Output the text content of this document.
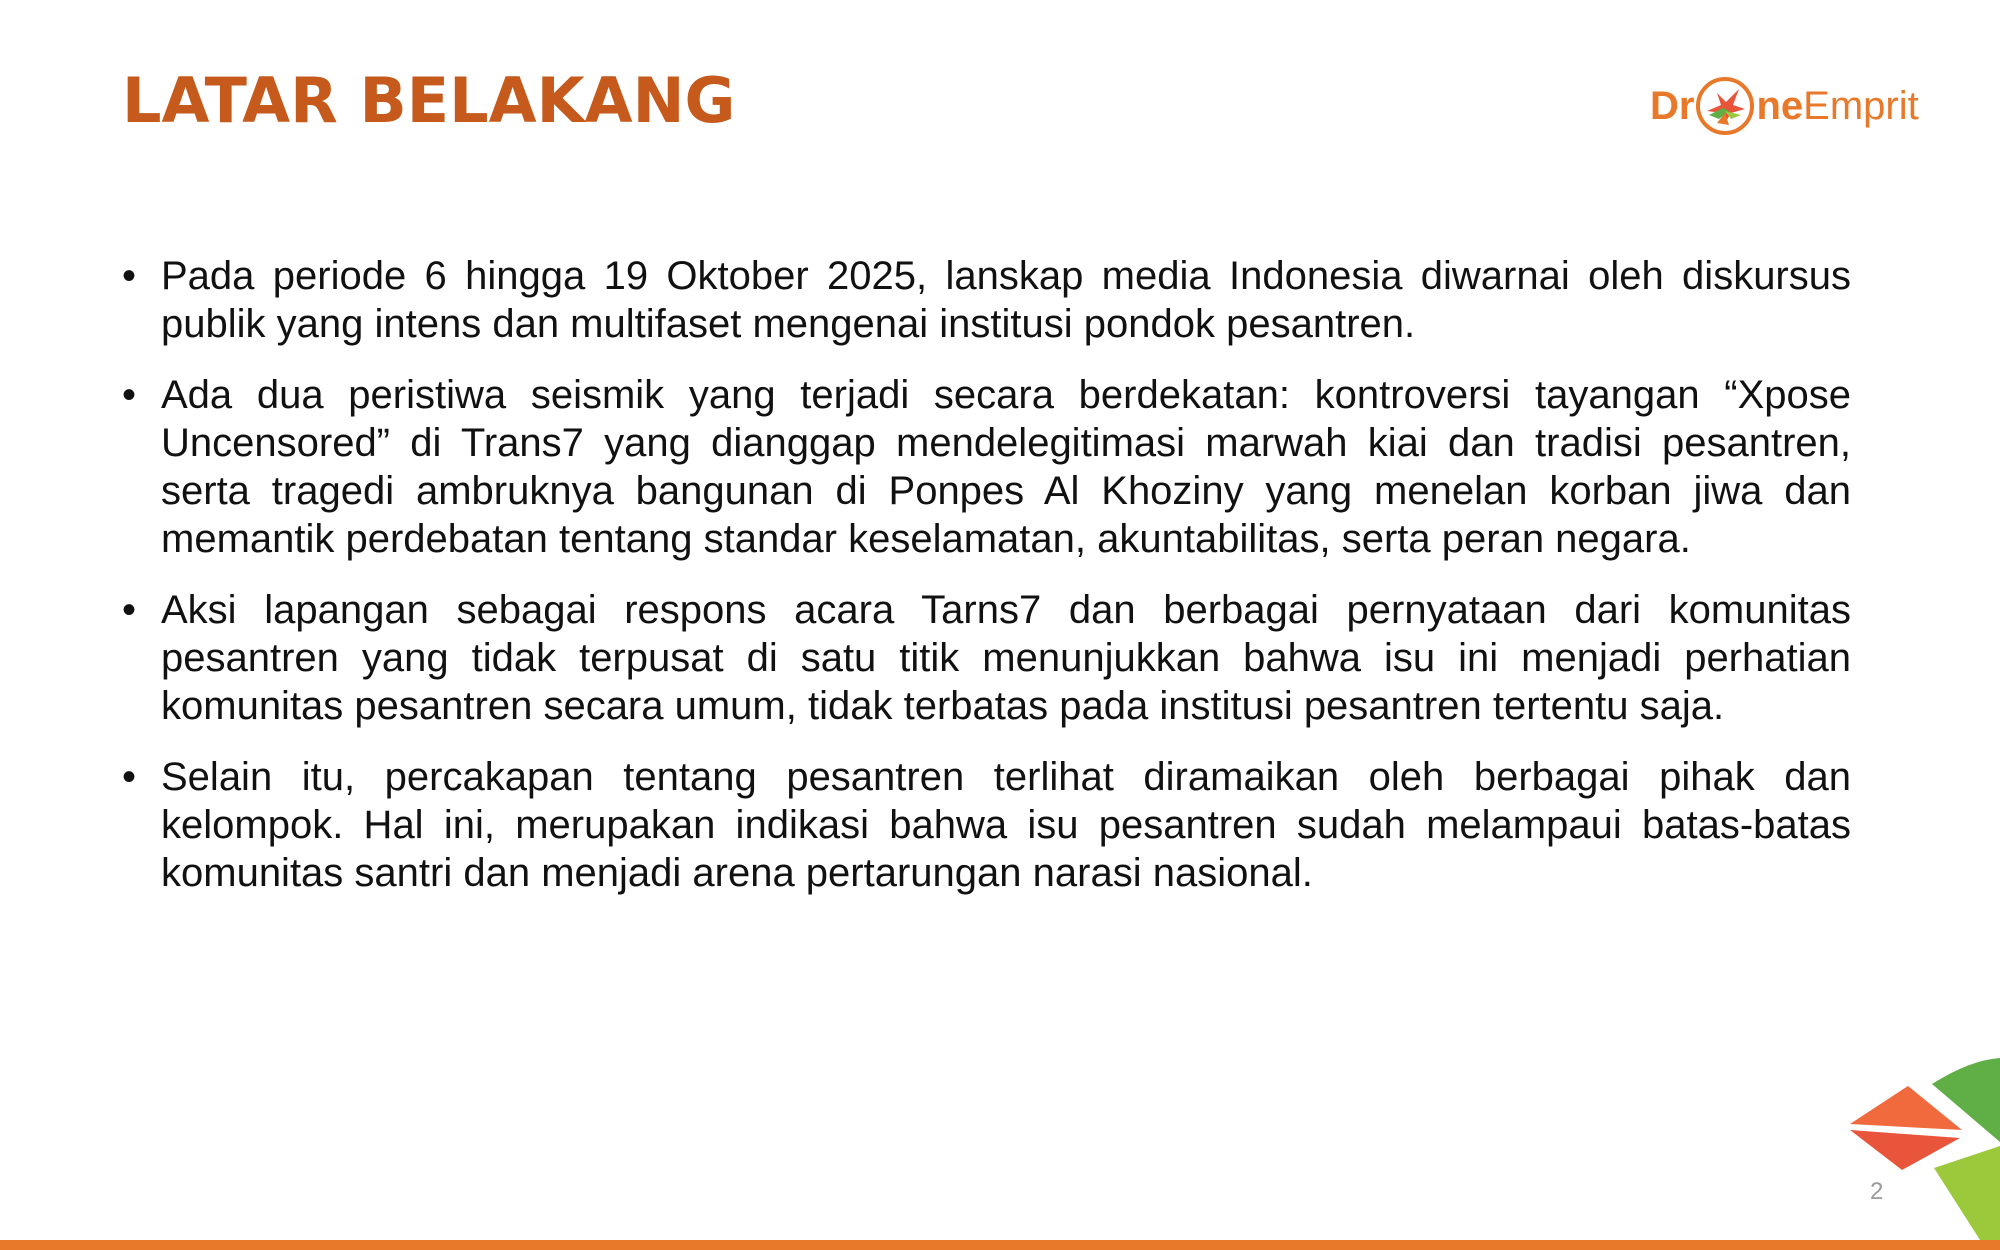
LATAR BELAKANG	Dr ne Emprit
• Pada periode 6 hingga 19 Oktober 2025, lanskap media Indonesia diwarnai oleh diskursus publik yang intens dan multifaset mengenai institusi pondok pesantren.
• Ada dua peristiwa seismik yang terjadi secara berdekatan: kontroversi tayangan “Xpose Uncensored” di Trans7 yang dianggap mendelegitimasi marwah kiai dan tradisi pesantren, serta tragedi ambruknya bangunan di Ponpes Al Khoziny yang menelan korban jiwa dan memantik perdebatan tentang standar keselamatan, akuntabilitas, serta peran negara.
• Aksi lapangan sebagai respons acara Tarns7 dan berbagai pernyataan dari komunitas pesantren yang tidak terpusat di satu titik menunjukkan bahwa isu ini menjadi perhatian komunitas pesantren secara umum, tidak terbatas pada institusi pesantren tertentu saja.
• Selain itu, percakapan tentang pesantren terlihat diramaikan oleh berbagai pihak dan kelompok. Hal ini, merupakan indikasi bahwa isu pesantren sudah melampaui batas-batas komunitas santri dan menjadi arena pertarungan narasi nasional.
2
